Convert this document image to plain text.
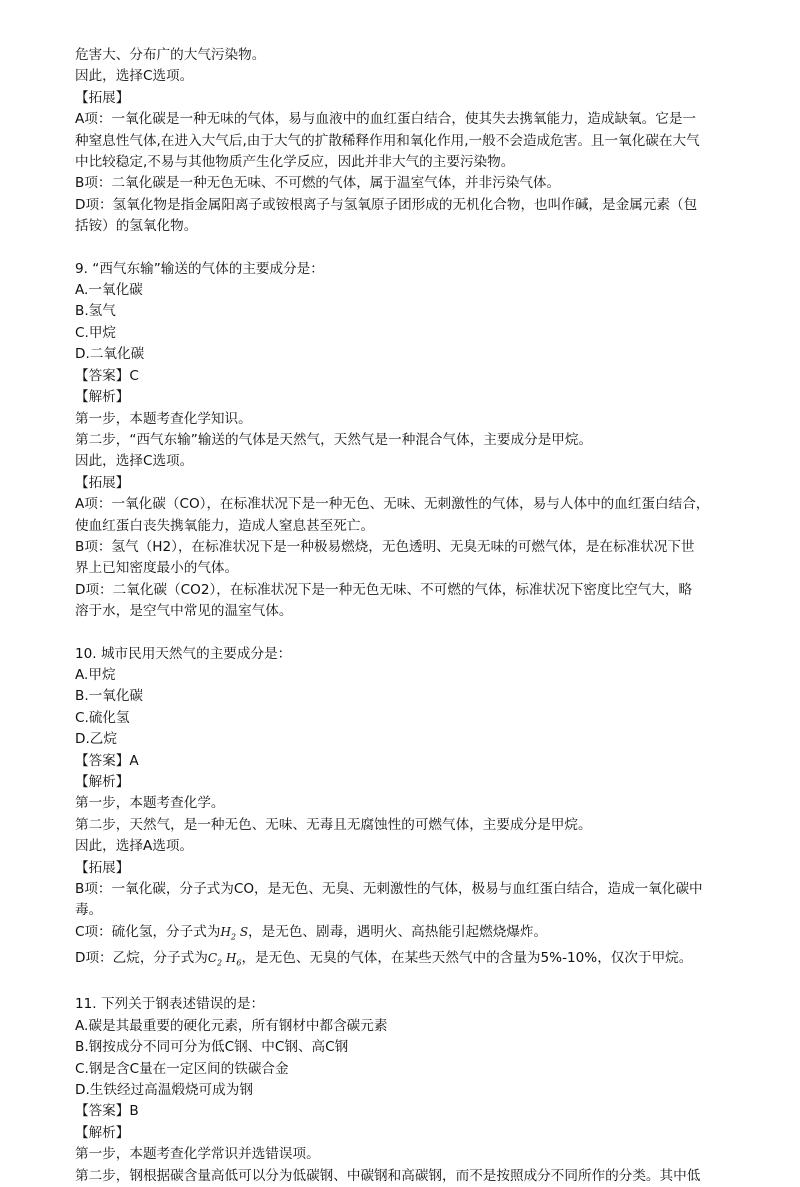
危害大、分布广的大气污染物。
因此，选择C选项。
【拓展】
A项：一氧化碳是一种无味的气体，易与血液中的血红蛋白结合，使其失去携氧能力，造成缺氧。它是一
种窒息性气体,在进入大气后,由于大气的扩散稀释作用和氧化作用,一般不会造成危害。且一氧化碳在大气
中比较稳定,不易与其他物质产生化学反应，因此并非大气的主要污染物。
B项：二氧化碳是一种无色无味、不可燃的气体，属于温室气体，并非污染气体。
D项：氢氧化物是指金属阳离子或铵根离子与氢氧原子团形成的无机化合物，也叫作碱，是金属元素（包
括铵）的氢氧化物。
9. “西气东输”输送的气体的主要成分是：
A.一氧化碳
B.氢气
C.甲烷
D.二氧化碳
【答案】C
【解析】
第一步，本题考查化学知识。
第二步，“西气东输”输送的气体是天然气，天然气是一种混合气体，主要成分是甲烷。
因此，选择C选项。
【拓展】
A项：一氧化碳（CO），在标准状况下是一种无色、无味、无刺激性的气体，易与人体中的血红蛋白结合，
使血红蛋白丧失携氧能力，造成人窒息甚至死亡。
B项：氢气（H2），在标准状况下是一种极易燃烧，无色透明、无臭无味的可燃气体，是在标准状况下世
界上已知密度最小的气体。
D项：二氧化碳（CO2），在标准状况下是一种无色无味、不可燃的气体，标准状况下密度比空气大，略
溶于水，是空气中常见的温室气体。
10. 城市民用天然气的主要成分是：
A.甲烷
B.一氧化碳
C.硫化氢
D.乙烷
【答案】A
【解析】
第一步，本题考查化学。
第二步，天然气，是一种无色、无味、无毒且无腐蚀性的可燃气体，主要成分是甲烷。
因此，选择A选项。
【拓展】
B项：一氧化碳，分子式为CO，是无色、无臭、无刺激性的气体，极易与血红蛋白结合，造成一氧化碳中
毒。
C项：硫化氢，分子式为$H_2$ S，是无色、剧毒，遇明火、高热能引起燃烧爆炸。
D项：乙烷，分子式为$C_2$ $H_6$，是无色、无臭的气体，在某些天然气中的含量为5%-10%，仅次于甲烷。
11. 下列关于钢表述错误的是：
A.碳是其最重要的硬化元素，所有钢材中都含碳元素
B.钢按成分不同可分为低C钢、中C钢、高C钢
C.钢是含C量在一定区间的铁碳合金
D.生铁经过高温煅烧可成为钢
【答案】B
【解析】
第一步，本题考查化学常识并选错误项。
第二步，钢根据碳含量高低可以分为低碳钢、中碳钢和高碳钢，而不是按照成分不同所作的分类。其中低
